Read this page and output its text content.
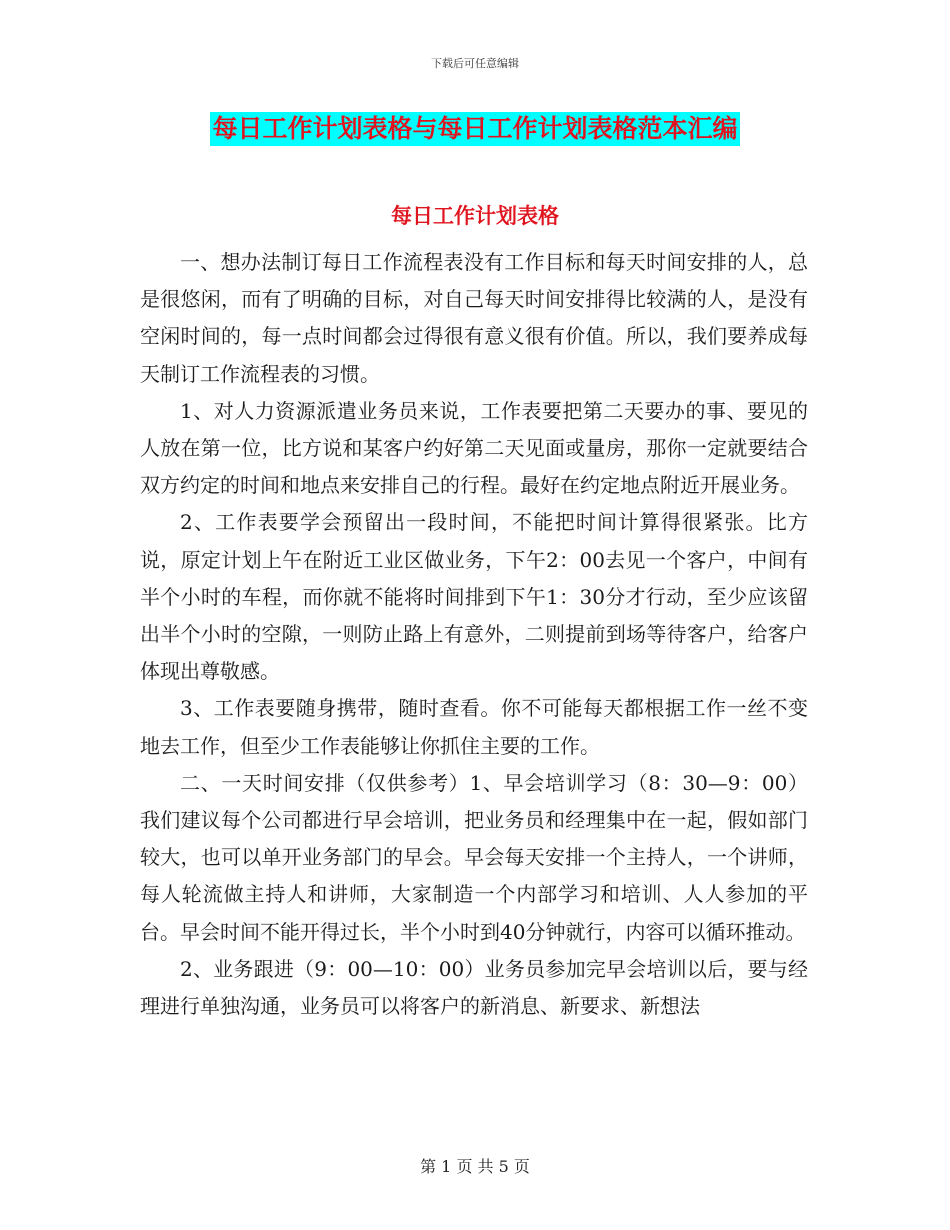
下载后可任意编辑
每日工作计划表格与每日工作计划表格范本汇编
每日工作计划表格

一、想办法制订每日工作流程表没有工作目标和每天时间安排的人，总是很悠闲，而有了明确的目标，对自己每天时间安排得比较满的人，是没有空闲时间的，每一点时间都会过得很有意义很有价值。所以，我们要养成每天制订工作流程表的习惯。

1、对人力资源派遣业务员来说，工作表要把第二天要办的事、要见的人放在第一位，比方说和某客户约好第二天见面或量房，那你一定就要结合双方约定的时间和地点来安排自己的行程。最好在约定地点附近开展业务。

2、工作表要学会预留出一段时间，不能把时间计算得很紧张。比方说，原定计划上午在附近工业区做业务，下午2：00去见一个客户，中间有半个小时的车程，而你就不能将时间排到下午1：30分才行动，至少应该留出半个小时的空隙，一则防止路上有意外，二则提前到场等待客户，给客户体现出尊敬感。

3、工作表要随身携带，随时查看。你不可能每天都根据工作一丝不变地去工作，但至少工作表能够让你抓住主要的工作。

二、一天时间安排（仅供参考）1、早会培训学习（8：30—9：00）我们建议每个公司都进行早会培训，把业务员和经理集中在一起，假如部门较大，也可以单开业务部门的早会。早会每天安排一个主持人，一个讲师，每人轮流做主持人和讲师，大家制造一个内部学习和培训、人人参加的平台。早会时间不能开得过长，半个小时到40分钟就行，内容可以循环推动。

2、业务跟进（9：00—10：00）业务员参加完早会培训以后，要与经理进行单独沟通，业务员可以将客户的新消息、新要求、新想法

第 1 页 共 5 页
